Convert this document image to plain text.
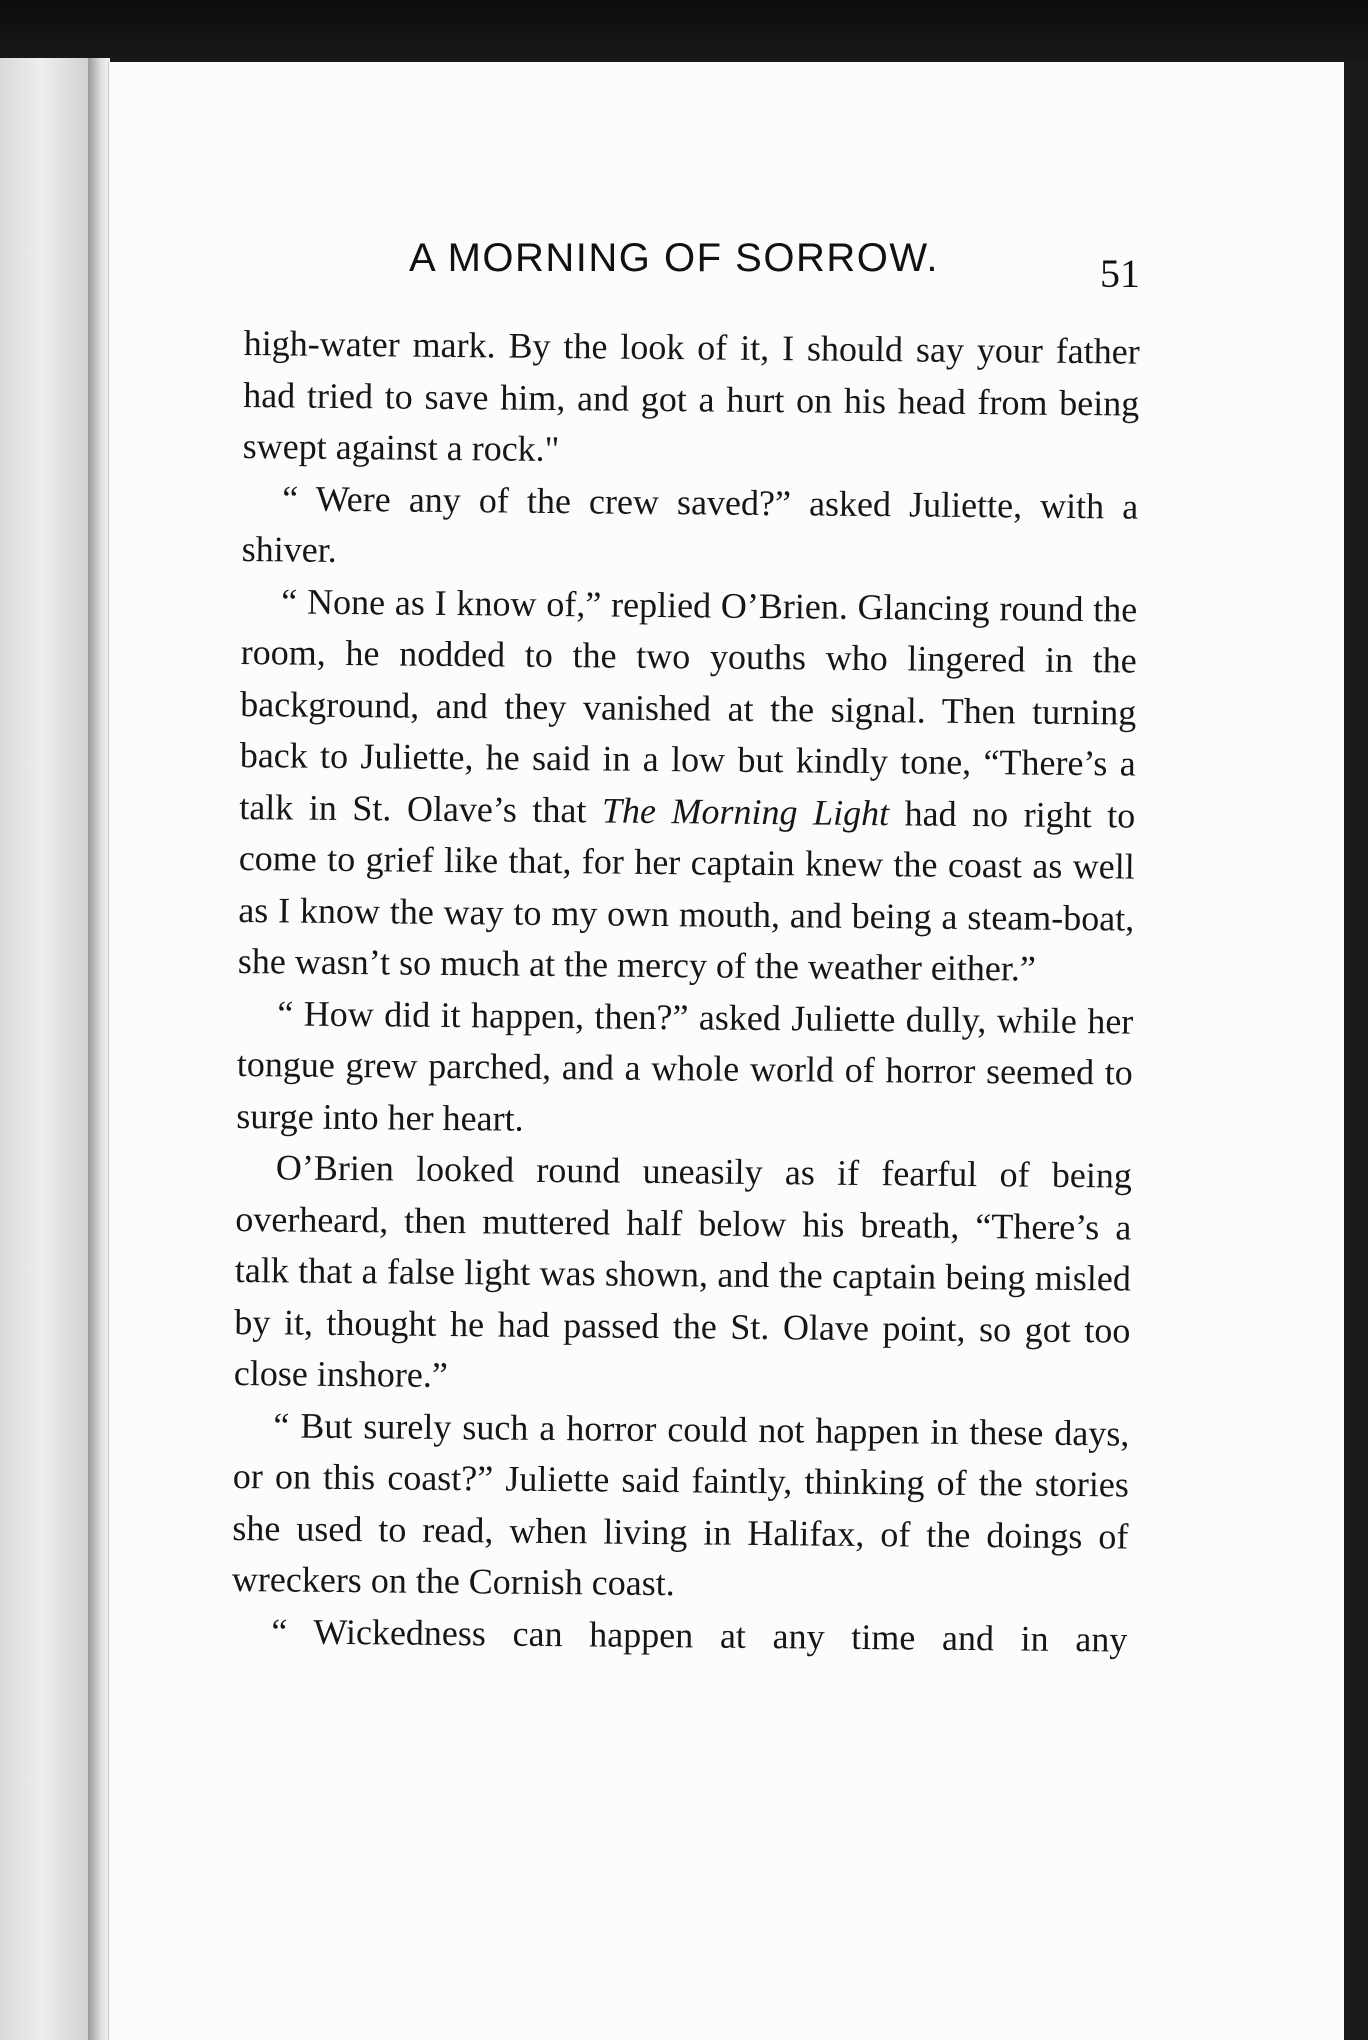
A MORNING OF SORROW.	51

high-water mark. By the look of it, I should say your father had tried to save him, and got a hurt on his head from being swept against a rock."

“ Were any of the crew saved?” asked Juliette, with a shiver.

“ None as I know of,” replied O’Brien. Glancing round the room, he nodded to the two youths who lingered in the background, and they vanished at the signal. Then turning back to Juliette, he said in a low but kindly tone, “There’s a talk in St. Olave’s that The Morning Light had no right to come to grief like that, for her captain knew the coast as well as I know the way to my own mouth, and being a steam-boat, she wasn’t so much at the mercy of the weather either.”

“ How did it happen, then?” asked Juliette dully, while her tongue grew parched, and a whole world of horror seemed to surge into her heart.

O’Brien looked round uneasily as if fearful of being overheard, then muttered half below his breath, “There’s a talk that a false light was shown, and the captain being misled by it, thought he had passed the St. Olave point, so got too close inshore.”

“ But surely such a horror could not happen in these days, or on this coast?” Juliette said faintly, thinking of the stories she used to read, when living in Halifax, of the doings of wreckers on the Cornish coast.

“ Wickedness can happen at any time and in any
